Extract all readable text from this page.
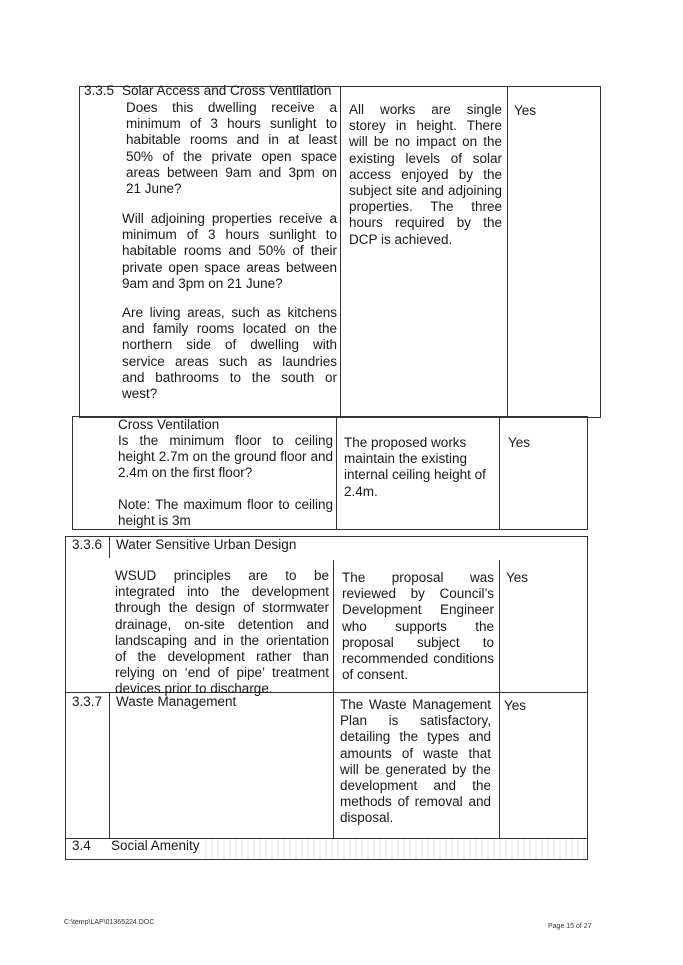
3.3.5 Solar Access and Cross Ventilation
Does this dwelling receive a minimum of 3 hours sunlight to habitable rooms and in at least 50% of the private open space areas between 9am and 3pm on 21 June?
Will adjoining properties receive a minimum of 3 hours sunlight to habitable rooms and 50% of their private open space areas between 9am and 3pm on 21 June?
Are living areas, such as kitchens and family rooms located on the northern side of dwelling with service areas such as laundries and bathrooms to the south or west?
All works are single storey in height. There will be no impact on the existing levels of solar access enjoyed by the subject site and adjoining properties. The three hours required by the DCP is achieved.
Yes
Cross Ventilation
Is the minimum floor to ceiling height 2.7m on the ground floor and 2.4m on the first floor?
Note: The maximum floor to ceiling height is 3m
The proposed works maintain the existing internal ceiling height of 2.4m.
Yes
3.3.6 Water Sensitive Urban Design
WSUD principles are to be integrated into the development through the design of stormwater drainage, on-site detention and landscaping and in the orientation of the development rather than relying on ‘end of pipe’ treatment devices prior to discharge.
The proposal was reviewed by Council’s Development Engineer who supports the proposal subject to recommended conditions of consent.
Yes
3.3.7 Waste Management	The Waste Management Plan is satisfactory, detailing the types and amounts of waste that will be generated by the development and the methods of removal and disposal.
Yes
3.4 Social Amenity
C:\temp\LAP\01365224.DOC
Page 15 of 27
